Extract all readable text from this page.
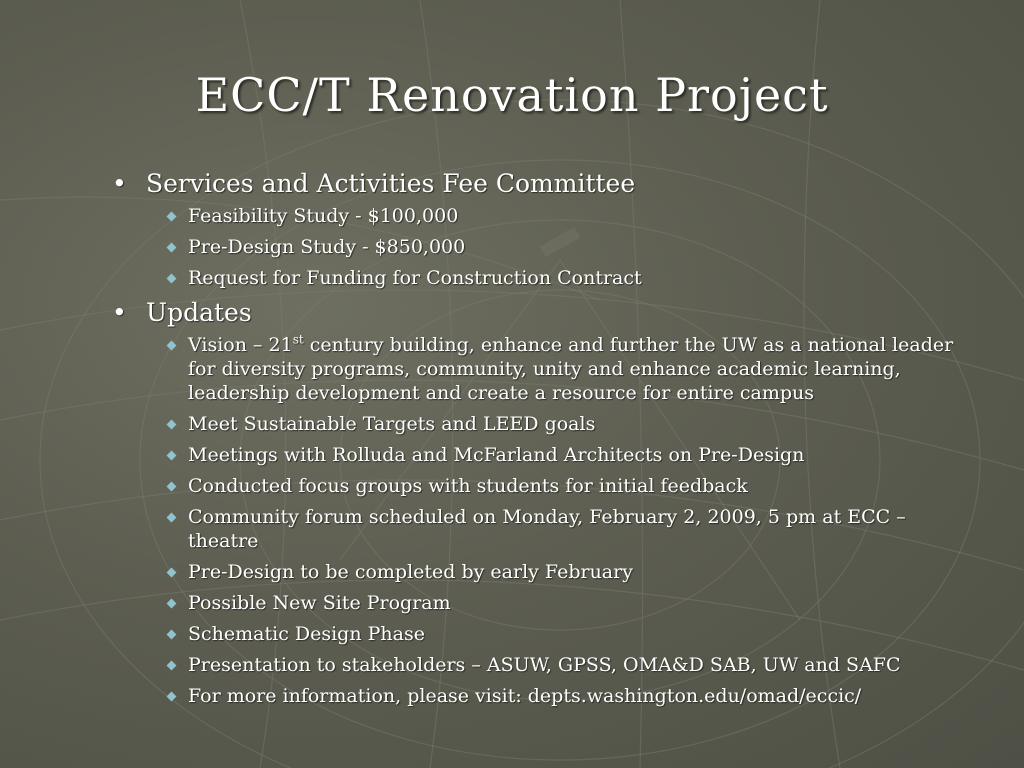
ECC/T Renovation Project
• Services and Activities Fee Committee
Feasibility Study - $100,000
Pre-Design Study - $850,000
Request for Funding for Construction Contract
• Updates
Vision – 21st century building, enhance and further the UW as a national leader for diversity programs, community, unity and enhance academic learning, leadership development and create a resource for entire campus
Meet Sustainable Targets and LEED goals
Meetings with Rolluda and McFarland Architects on Pre-Design
Conducted focus groups with students for initial feedback
Community forum scheduled on Monday, February 2, 2009, 5 pm at ECC – theatre
Pre-Design to be completed by early February
Possible New Site Program
Schematic Design Phase
Presentation to stakeholders – ASUW, GPSS, OMA&D SAB, UW and SAFC
For more information, please visit: depts.washington.edu/omad/eccic/
